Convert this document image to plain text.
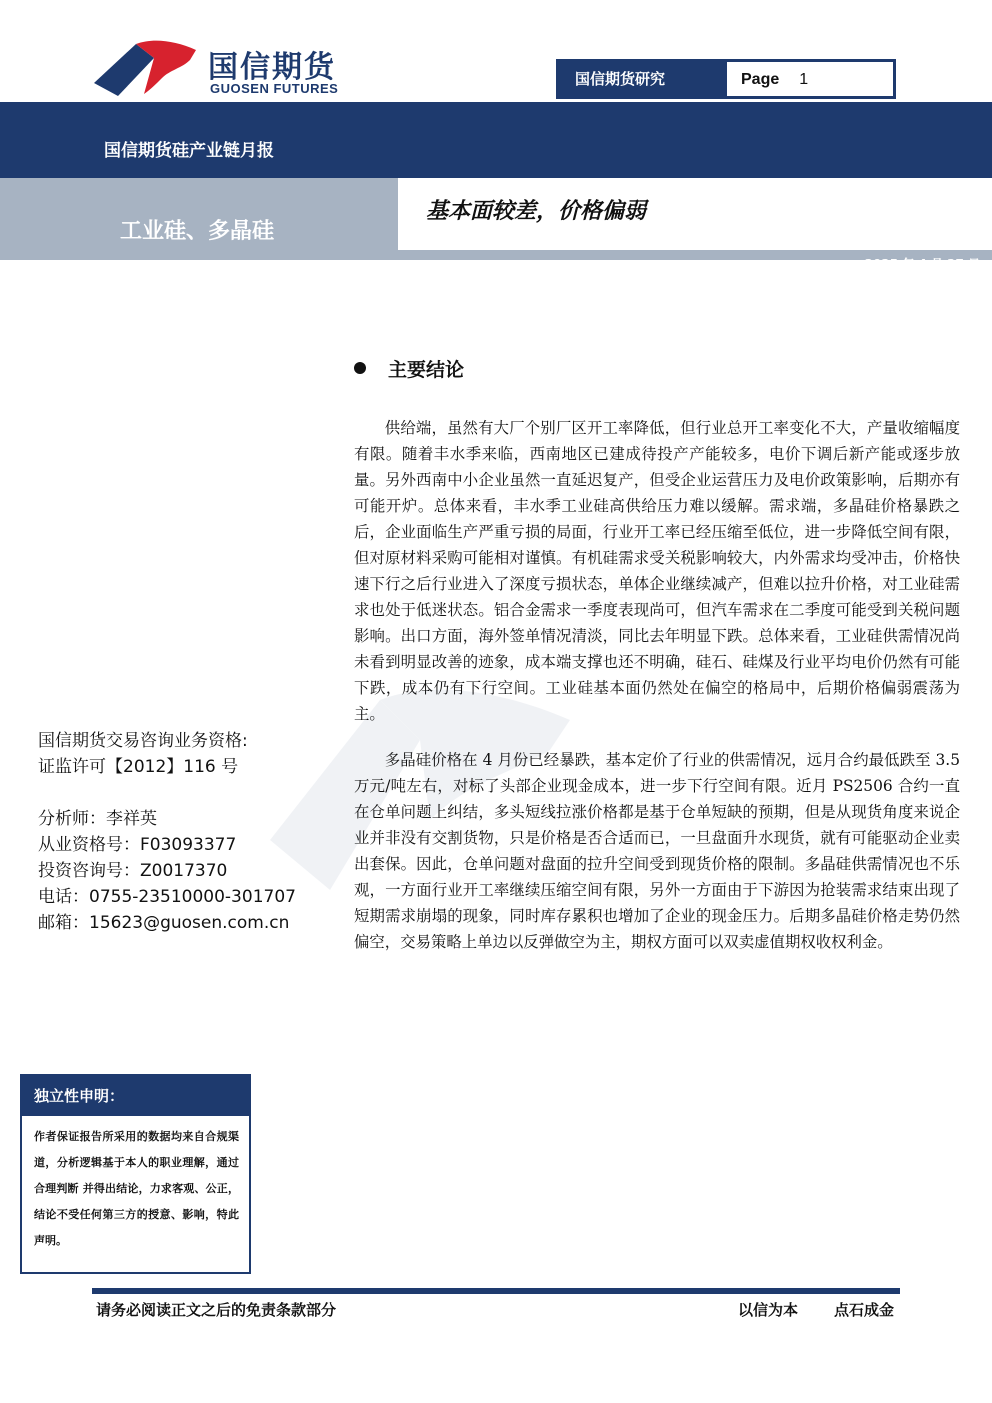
国信期货
GUOSEN FUTURES
国信期货研究	Page 1
国信期货硅产业链月报
工业硅、多晶硅
基本面较差，价格偏弱
2025 年 4 月 27 日
主要结论

供给端，虽然有大厂个别厂区开工率降低，但行业总开工率变化不大，产量收缩幅度有限。随着丰水季来临，西南地区已建成待投产产能较多，电价下调后新产能或逐步放量。另外西南中小企业虽然一直延迟复产，但受企业运营压力及电价政策影响，后期亦有可能开炉。总体来看，丰水季工业硅高供给压力难以缓解。需求端，多晶硅价格暴跌之后，企业面临生产严重亏损的局面，行业开工率已经压缩至低位，进一步降低空间有限，但对原材料采购可能相对谨慎。有机硅需求受关税影响较大，内外需求均受冲击，价格快速下行之后行业进入了深度亏损状态，单体企业继续减产，但难以拉升价格，对工业硅需求也处于低迷状态。铝合金需求一季度表现尚可，但汽车需求在二季度可能受到关税问题影响。出口方面，海外签单情况清淡，同比去年明显下跌。总体来看，工业硅供需情况尚未看到明显改善的迹象，成本端支撑也还不明确，硅石、硅煤及行业平均电价仍然有可能下跌，成本仍有下行空间。工业硅基本面仍然处在偏空的格局中，后期价格偏弱震荡为主。

多晶硅价格在 4 月份已经暴跌，基本定价了行业的供需情况，远月合约最低跌至 3.5 万元/吨左右，对标了头部企业现金成本，进一步下行空间有限。近月 PS2506 合约一直在仓单问题上纠结，多头短线拉涨价格都是基于仓单短缺的预期，但是从现货角度来说企业并非没有交割货物，只是价格是否合适而已，一旦盘面升水现货，就有可能驱动企业卖出套保。因此，仓单问题对盘面的拉升空间受到现货价格的限制。多晶硅供需情况也不乐观，一方面行业开工率继续压缩空间有限，另外一方面由于下游因为抢装需求结束出现了短期需求崩塌的现象，同时库存累积也增加了企业的现金压力。后期多晶硅价格走势仍然偏空，交易策略上单边以反弹做空为主，期权方面可以双卖虚值期权收权利金。

国信期货交易咨询业务资格:
证监许可【2012】116 号
分析师：李祥英
从业资格号：F03093377
投资咨询号：Z0017370
电话：0755-23510000-301707
邮箱：15623@guosen.com.cn
独立性申明：
作者保证报告所采用的数据均来自合规渠道，分析逻辑基于本人的职业理解，通过合理判断 并得出结论，力求客观、公正，结论不受任何第三方的授意、影响，特此声明。
请务必阅读正文之后的免责条款部分	以信为本 点石成金
